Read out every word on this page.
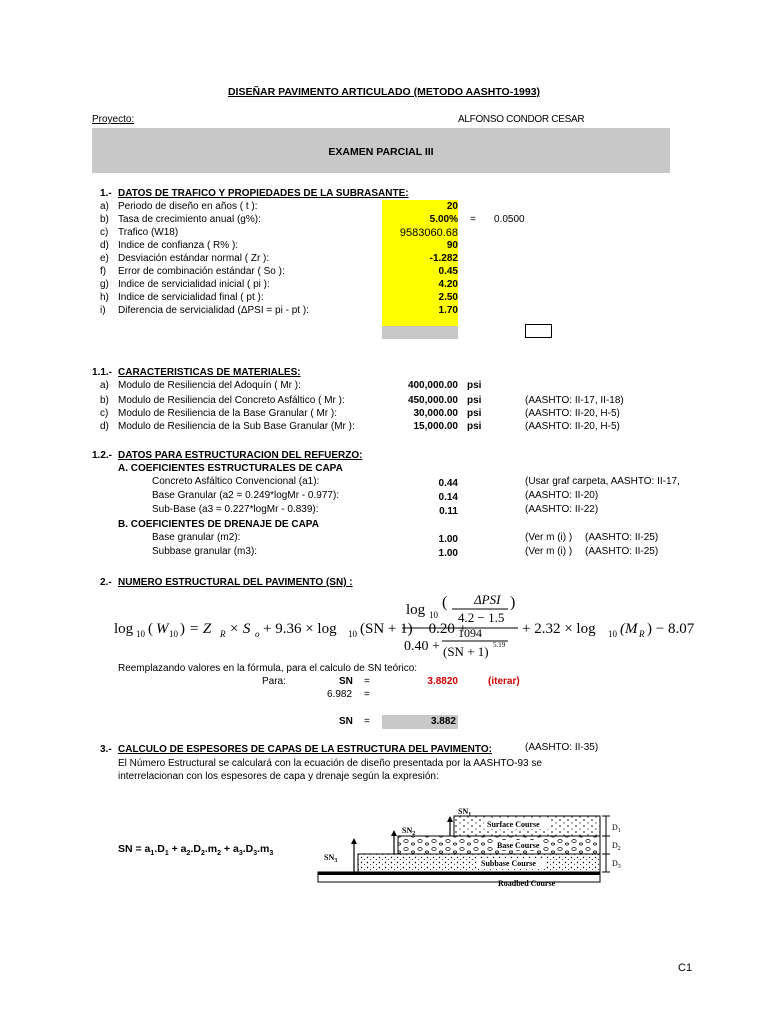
DISEÑAR PAVIMENTO ARTICULADO (METODO AASHTO-1993)
Proyecto:	ALFONSO CONDOR CESAR
EXAMEN PARCIAL III
1.- DATOS DE TRAFICO Y PROPIEDADES DE LA SUBRASANTE:
a) Periodo de diseño en años ( t ):	20
b) Tasa de crecimiento anual (g%):	5.00% = 0.0500
c) Trafico (W18)	9583060.68
d) Indice de confianza ( R% ):	90
e) Desviación estándar normal ( Zr ):	-1.282
f) Error de combinación estándar ( So ):	0.45
g) Indice de servicialidad inicial ( pi ):	4.20
h) Indice de servicialidad final ( pt ):	2.50
i) Diferencia de servicialidad (ΔPSI = pi - pt ):	1.70
1.1.- CARACTERISTICAS DE MATERIALES:
a) Modulo de Resiliencia del Adoquín ( Mr ):	400,000.00 psi
b) Modulo de Resiliencia del Concreto Asfáltico ( Mr ):	450,000.00 psi	(AASHTO: II-17, II-18)
c) Modulo de Resiliencia de la Base Granular ( Mr ):	30,000.00 psi	(AASHTO: II-20, H-5)
d) Modulo de Resiliencia de la Sub Base Granular (Mr ):	15,000.00 psi	(AASHTO: II-20, H-5)
1.2.- DATOS PARA ESTRUCTURACION DEL REFUERZO:
A. COEFICIENTES ESTRUCTURALES DE CAPA
Concreto Asfáltico Convencional (a1):	0.44	(Usar graf carpeta, AASHTO: II-17,
Base Granular (a2 = 0.249*logMr - 0.977):	0.14	(AASHTO: II-20)
Sub-Base (a3 = 0.227*logMr - 0.839):	0.11	(AASHTO: II-22)
B. COEFICIENTES DE DRENAJE DE CAPA
Base granular (m2):	1.00	(Ver m (i) ) (AASHTO: II-25)
Subbase granular (m3):	1.00	(Ver m (i) ) (AASHTO: II-25)
2.- NUMERO ESTRUCTURAL DEL PAVIMENTO (SN) :
log 10 ( W 10 ) = Z R × S o + 9.36 × log 10 (SN + 1) − 0.20 +
log 10
( ΔPSI
4.2 − 1.5
)
0.40 +
1094
(SN + 1) 5.19
+ 2.32 × log 10 (M R ) − 8.07
Reemplazando valores en la fórmula, para el calculo de SN teórico:
Para:	SN =	3.8820	(iterar)
6.982 =
SN =	3.882
3.- CALCULO DE ESPESORES DE CAPAS DE LA ESTRUCTURA DEL PAVIMENTO:	(AASHTO: II-35)
El Número Estructural se calculará con la ecuación de diseño presentada por la AASHTO-93 se
interrelacionan con los espesores de capa y drenaje según la expresión:
SN = $a_1.D_1 + a_2.D_2.m_2 + a_3.D_3.m_3$
Surface Course
Base Course
Subbase Course
Roadbed Course
$SN_1$
$SN_2$
$SN_3$
$D_1$
$D_2$
$D_3$
C1
